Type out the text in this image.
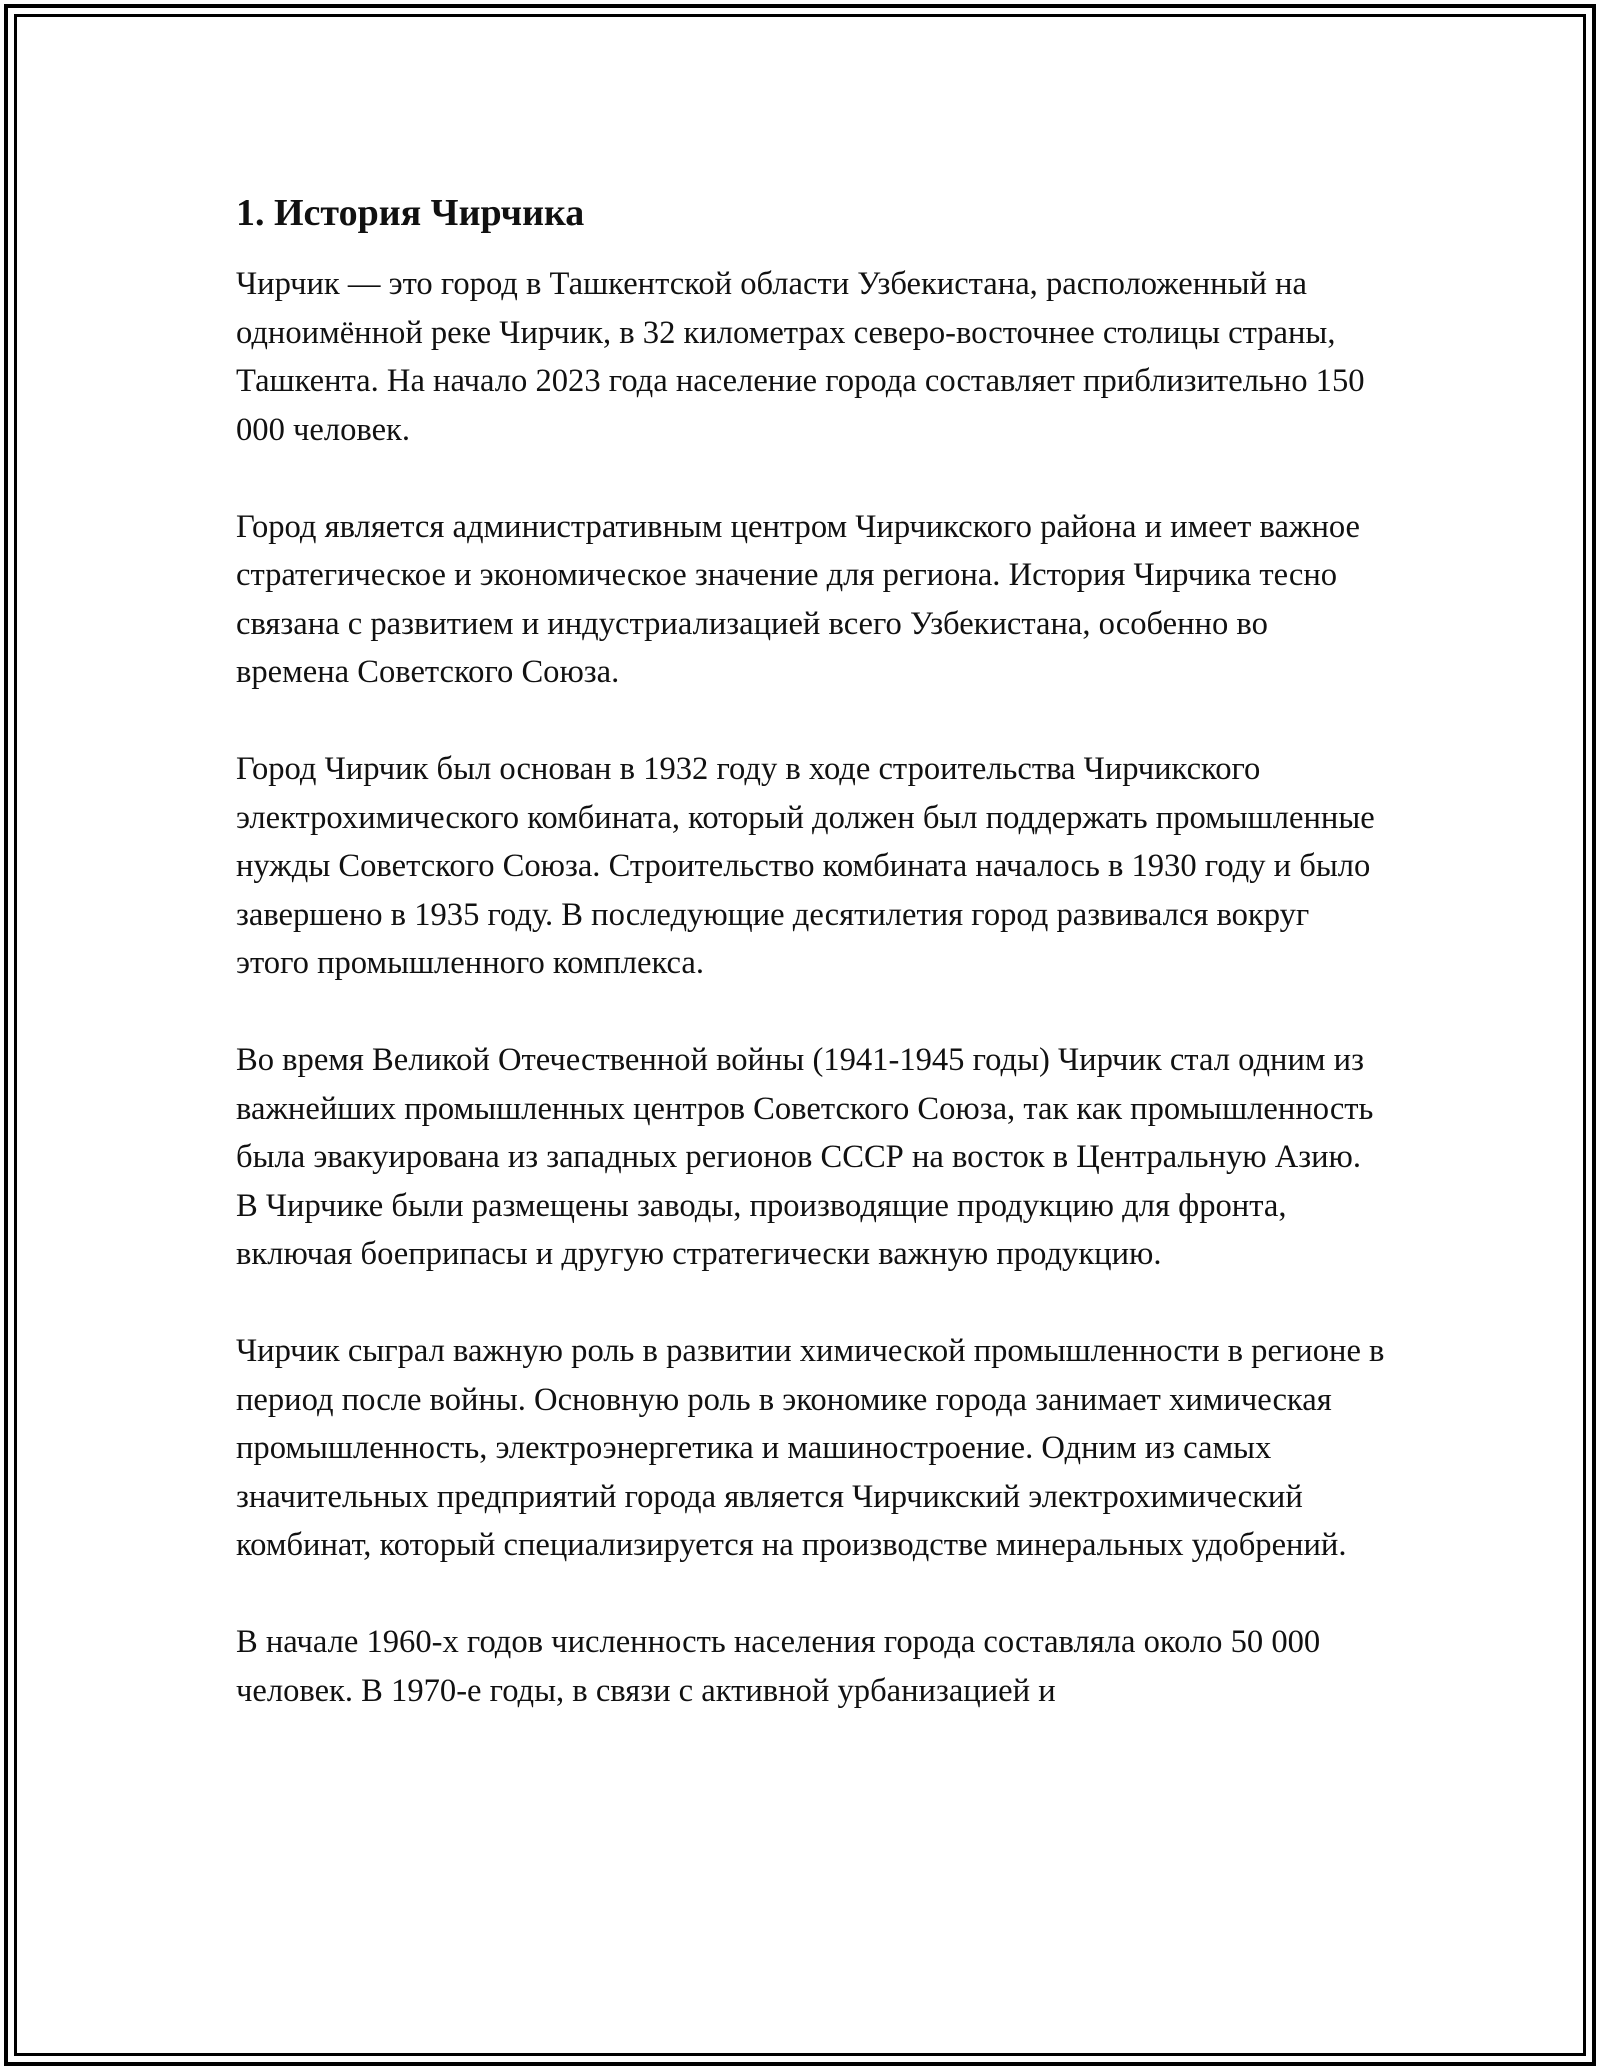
1. История Чирчика

Чирчик — это город в Ташкентской области Узбекистана, расположенный на одноимённой реке Чирчик, в 32 километрах северо-восточнее столицы страны, Ташкента. На начало 2023 года население города составляет приблизительно 150 000 человек.

Город является административным центром Чирчикского района и имеет важное стратегическое и экономическое значение для региона. История Чирчика тесно связана с развитием и индустриализацией всего Узбекистана, особенно во времена Советского Союза.

Город Чирчик был основан в 1932 году в ходе строительства Чирчикского электрохимического комбината, который должен был поддержать промышленные нужды Советского Союза. Строительство комбината началось в 1930 году и было завершено в 1935 году. В последующие десятилетия город развивался вокруг этого промышленного комплекса.

Во время Великой Отечественной войны (1941-1945 годы) Чирчик стал одним из важнейших промышленных центров Советского Союза, так как промышленность была эвакуирована из западных регионов СССР на восток в Центральную Азию. В Чирчике были размещены заводы, производящие продукцию для фронта, включая боеприпасы и другую стратегически важную продукцию.

Чирчик сыграл важную роль в развитии химической промышленности в регионе в период после войны. Основную роль в экономике города занимает химическая промышленность, электроэнергетика и машиностроение. Одним из самых значительных предприятий города является Чирчикский электрохимический комбинат, который специализируется на производстве минеральных удобрений.

В начале 1960-х годов численность населения города составляла около 50 000 человек. В 1970-е годы, в связи с активной урбанизацией и
